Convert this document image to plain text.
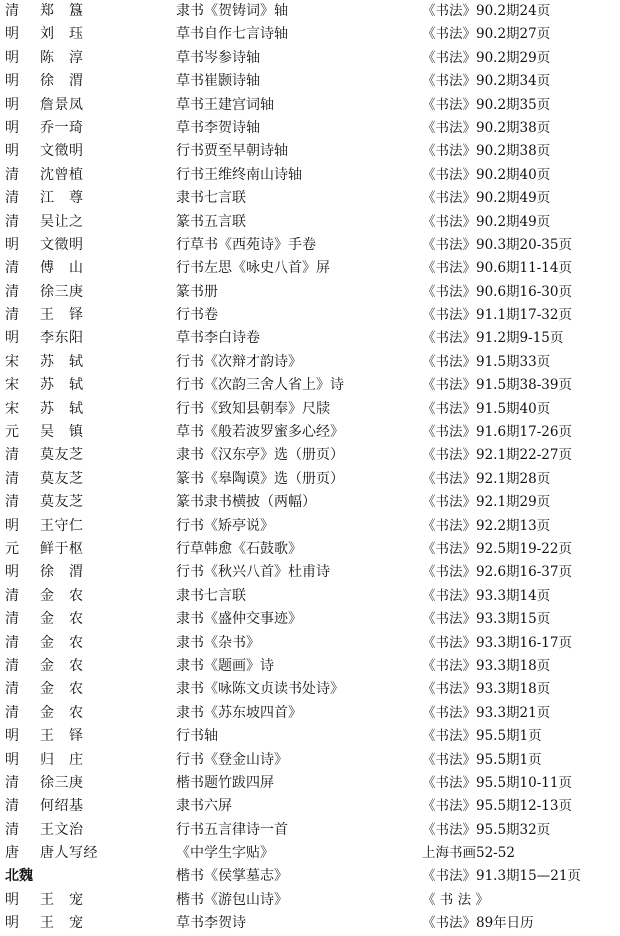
清 郑　簋	隶书《贺铸词》轴	《书法》90.2期24页
明 刘　珏	草书自作七言诗轴	《书法》90.2期27页
明 陈　淳	草书岑参诗轴	《书法》90.2期29页
明 徐　渭	草书崔颢诗轴	《书法》90.2期34页
明 詹景凤	草书王建宫词轴	《书法》90.2期35页
明 乔一琦	草书李贺诗轴	《书法》90.2期38页
明 文徵明	行书贾至早朝诗轴	《书法》90.2期38页
清 沈曾植	行书王维终南山诗轴	《书法》90.2期40页
清 江　尊	隶书七言联	《书法》90.2期49页
清 吴让之	篆书五言联	《书法》90.2期49页
明 文徵明	行草书《西苑诗》手卷	《书法》90.3期20-35页
清 傅　山	行书左思《咏史八首》屏	《书法》90.6期11-14页
清 徐三庚	篆书册	《书法》90.6期16-30页
清 王　铎	行书卷	《书法》91.1期17-32页
明 李东阳	草书李白诗卷	《书法》91.2期9-15页
宋 苏　轼	行书《次辩才韵诗》	《书法》91.5期33页
宋 苏　轼	行书《次韵三舍人省上》诗	《书法》91.5期38-39页
宋 苏　轼	行书《致知县朝奉》尺牍	《书法》91.5期40页
元 吴　镇	草书《般若波罗蜜多心经》	《书法》91.6期17-26页
清 莫友芝	隶书《汉东亭》选（册页）	《书法》92.1期22-27页
清 莫友芝	篆书《皋陶谟》选（册页）	《书法》92.1期28页
清 莫友芝	篆书隶书横披（两幅）	《书法》92.1期29页
明 王守仁	行书《矫亭说》	《书法》92.2期13页
元 鲜于枢	行草韩愈《石鼓歌》	《书法》92.5期19-22页
明 徐　渭	行书《秋兴八首》杜甫诗	《书法》92.6期16-37页
清 金　农	隶书七言联	《书法》93.3期14页
清 金　农	隶书《盛仲交事迹》	《书法》93.3期15页
清 金　农	隶书《杂书》	《书法》93.3期16-17页
清 金　农	隶书《题画》诗	《书法》93.3期18页
清 金　农	隶书《咏陈文贞读书处诗》	《书法》93.3期18页
清 金　农	隶书《苏东坡四首》	《书法》93.3期21页
明 王　铎	行书轴	《书法》95.5期1页
明 归　庄	行书《登金山诗》	《书法》95.5期1页
清 徐三庚	楷书题竹跋四屏	《书法》95.5期10-11页
清 何绍基	隶书六屏	《书法》95.5期12-13页
清 王文治	行书五言律诗一首	《书法》95.5期32页
唐 唐人写经	《中学生字贴》	上海书画52-52
北魏	楷书《侯掌墓志》	《书法》91.3期15—21页
明 王　宠	楷书《游包山诗》	《 书 法 》
明 王　宠	草书李贺诗	《书法》89年日历
